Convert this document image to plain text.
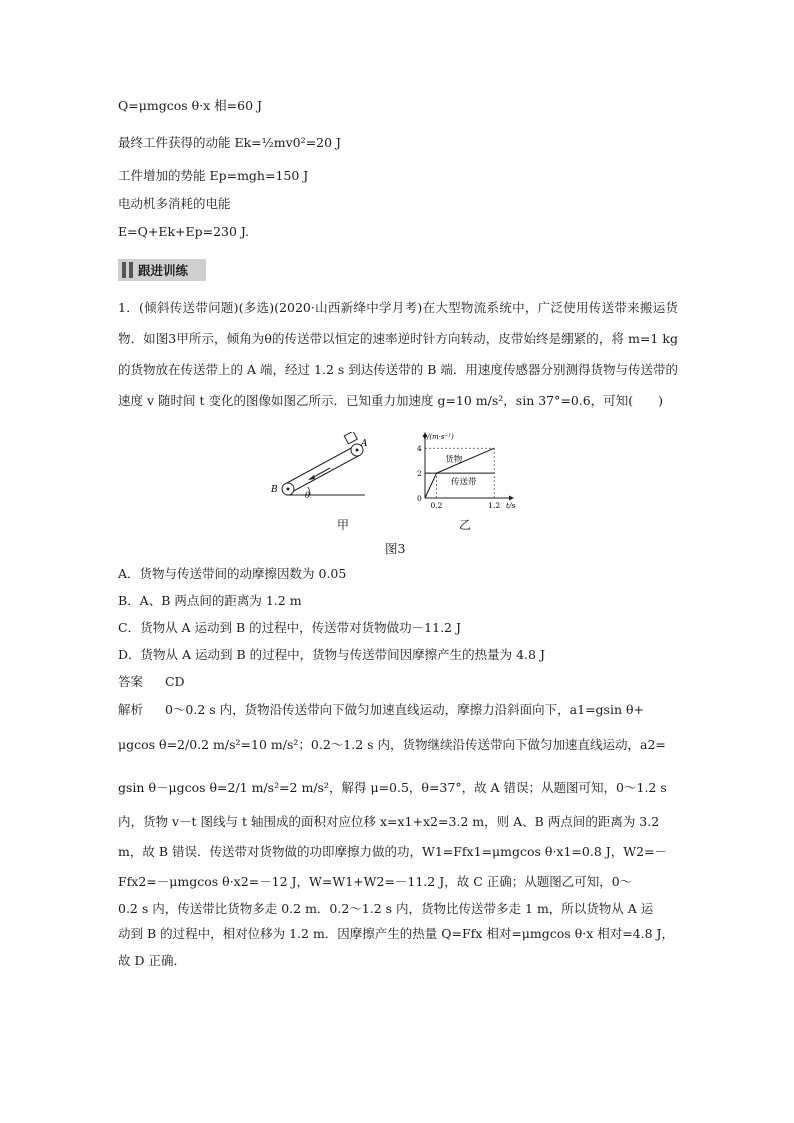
Q=μmgcos θ·x 相=60 J
最终工件获得的动能 Ek=½mv0²=20 J
工件增加的势能 Ep=mgh=150 J
电动机多消耗的电能
E=Q+Ek+Ep=230 J.
跟进训练
1．(倾斜传送带问题)(多选)(2020·山西新绛中学月考)在大型物流系统中，广泛使用传送带来搬运货物．如图3甲所示，倾角为θ的传送带以恒定的速率逆时针方向转动，皮带始终是绷紧的，将 m=1 kg 的货物放在传送带上的 A 端，经过 1.2 s 到达传送带的 B 端．用速度传感器分别测得货物与传送带的速度 v 随时间 t 变化的图像如图乙所示．已知重力加速度 g=10 m/s²，sin 37°=0.6，可知(　　)
A
B
θ
甲
4
2
0
0.2	1.2
v/(m·s⁻¹)
t/s
货物
传送带
乙
图3
A．货物与传送带间的动摩擦因数为 0.05
B．A、B 两点间的距离为 1.2 m
C．货物从 A 运动到 B 的过程中，传送带对货物做功－11.2 J
D．货物从 A 运动到 B 的过程中，货物与传送带间因摩擦产生的热量为 4.8 J
答案 CD
解析 0～0.2 s 内，货物沿传送带向下做匀加速直线运动，摩擦力沿斜面向下，a1=gsin θ+
μgcos θ=2/0.2 m/s²=10 m/s²；0.2～1.2 s 内，货物继续沿传送带向下做匀加速直线运动，a2=
gsin θ－μgcos θ=2/1 m/s²=2 m/s²，解得 μ=0.5，θ=37°，故 A 错误；从题图可知，0～1.2 s
内，货物 v－t 图线与 t 轴围成的面积对应位移 x=x1+x2=3.2 m，则 A、B 两点间的距离为 3.2
m，故 B 错误．传送带对货物做的功即摩擦力做的功，W1=Ffx1=μmgcos θ·x1=0.8 J，W2=－
Ffx2=－μmgcos θ·x2=－12 J，W=W1+W2=－11.2 J，故 C 正确；从题图乙可知，0～
0.2 s 内，传送带比货物多走 0.2 m．0.2～1.2 s 内，货物比传送带多走 1 m，所以货物从 A 运
动到 B 的过程中，相对位移为 1.2 m．因摩擦产生的热量 Q=Ffx 相对=μmgcos θ·x 相对=4.8 J，
故 D 正确．
